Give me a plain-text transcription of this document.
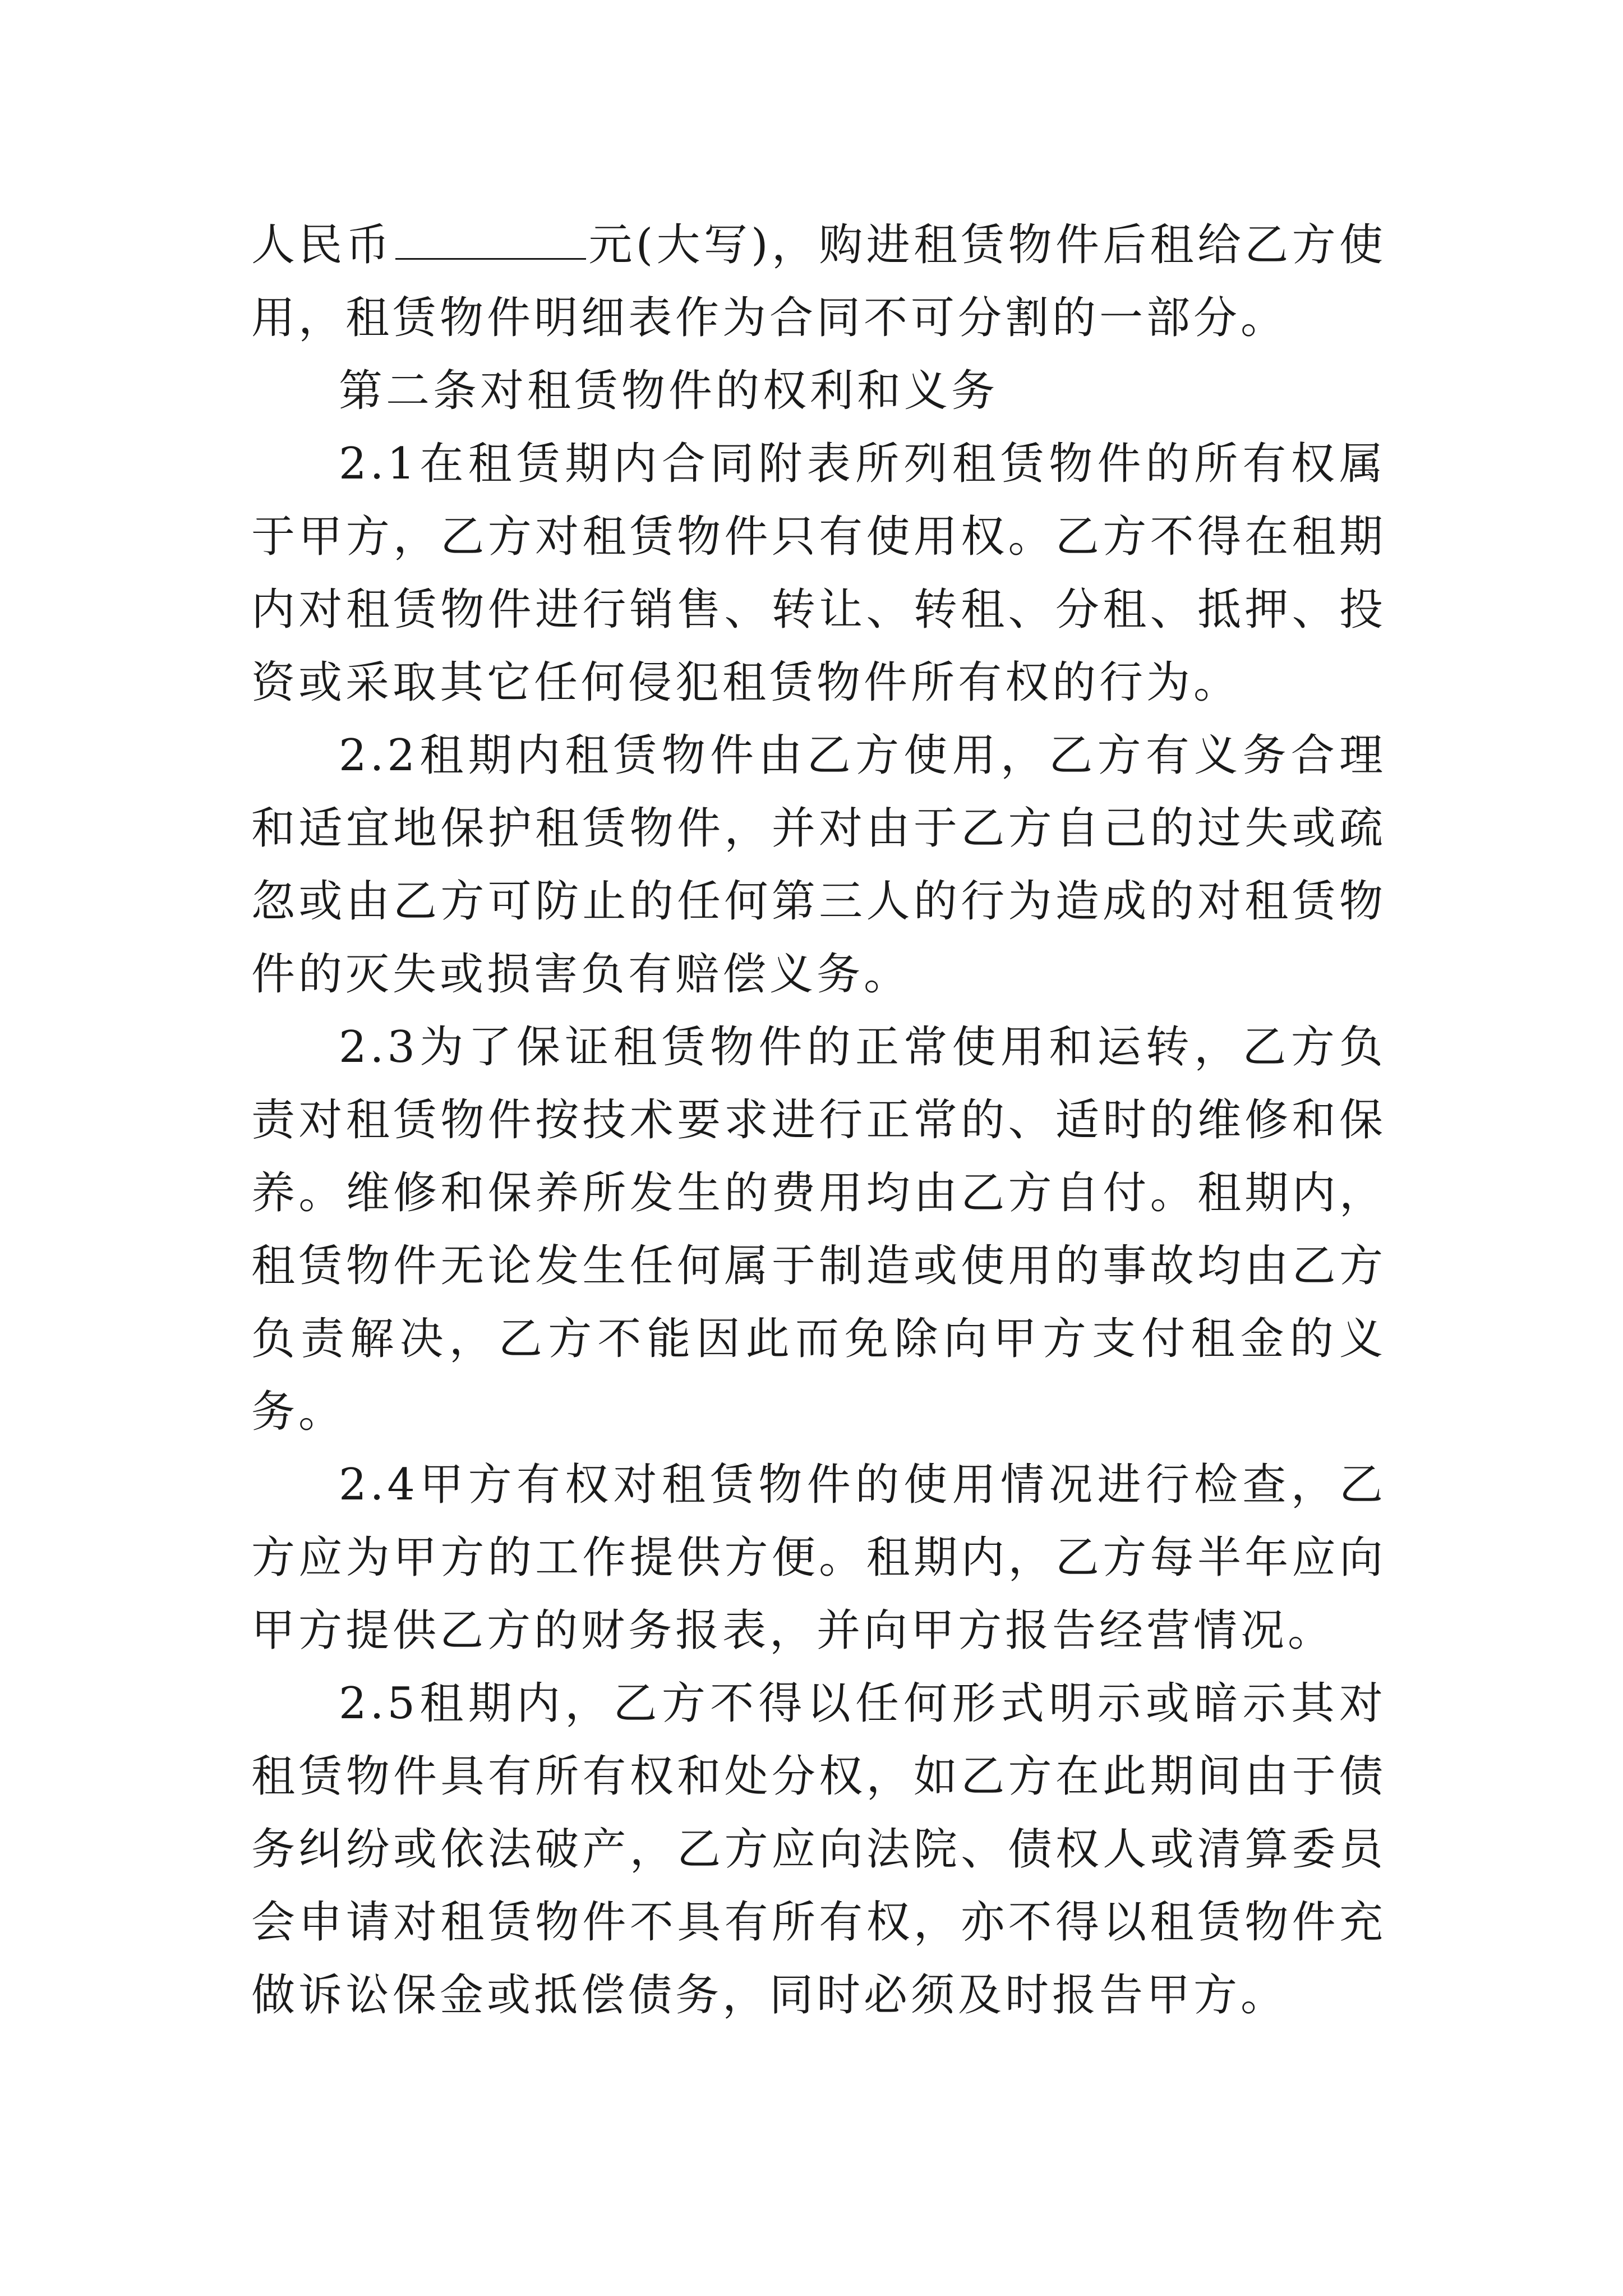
人民币	元(大写)，购进租赁物件后租给乙方使用，租赁物件明细表作为合同不可分割的一部分。

第二条对租赁物件的权利和义务

2.1在租赁期内合同附表所列租赁物件的所有权属于甲方，乙方对租赁物件只有使用权。乙方不得在租期内对租赁物件进行销售、转让、转租、分租、抵押、投资或采取其它任何侵犯租赁物件所有权的行为。

2.2租期内租赁物件由乙方使用，乙方有义务合理和适宜地保护租赁物件，并对由于乙方自己的过失或疏忽或由乙方可防止的任何第三人的行为造成的对租赁物件的灭失或损害负有赔偿义务。

2.3为了保证租赁物件的正常使用和运转，乙方负责对租赁物件按技术要求进行正常的、适时的维修和保养。维修和保养所发生的费用均由乙方自付。租期内，租赁物件无论发生任何属于制造或使用的事故均由乙方负责解决，乙方不能因此而免除向甲方支付租金的义务。

2.4甲方有权对租赁物件的使用情况进行检查，乙方应为甲方的工作提供方便。租期内，乙方每半年应向甲方提供乙方的财务报表，并向甲方报告经营情况。

2.5租期内，乙方不得以任何形式明示或暗示其对租赁物件具有所有权和处分权，如乙方在此期间由于债务纠纷或依法破产，乙方应向法院、债权人或清算委员会申请对租赁物件不具有所有权，亦不得以租赁物件充做诉讼保金或抵偿债务，同时必须及时报告甲方。
